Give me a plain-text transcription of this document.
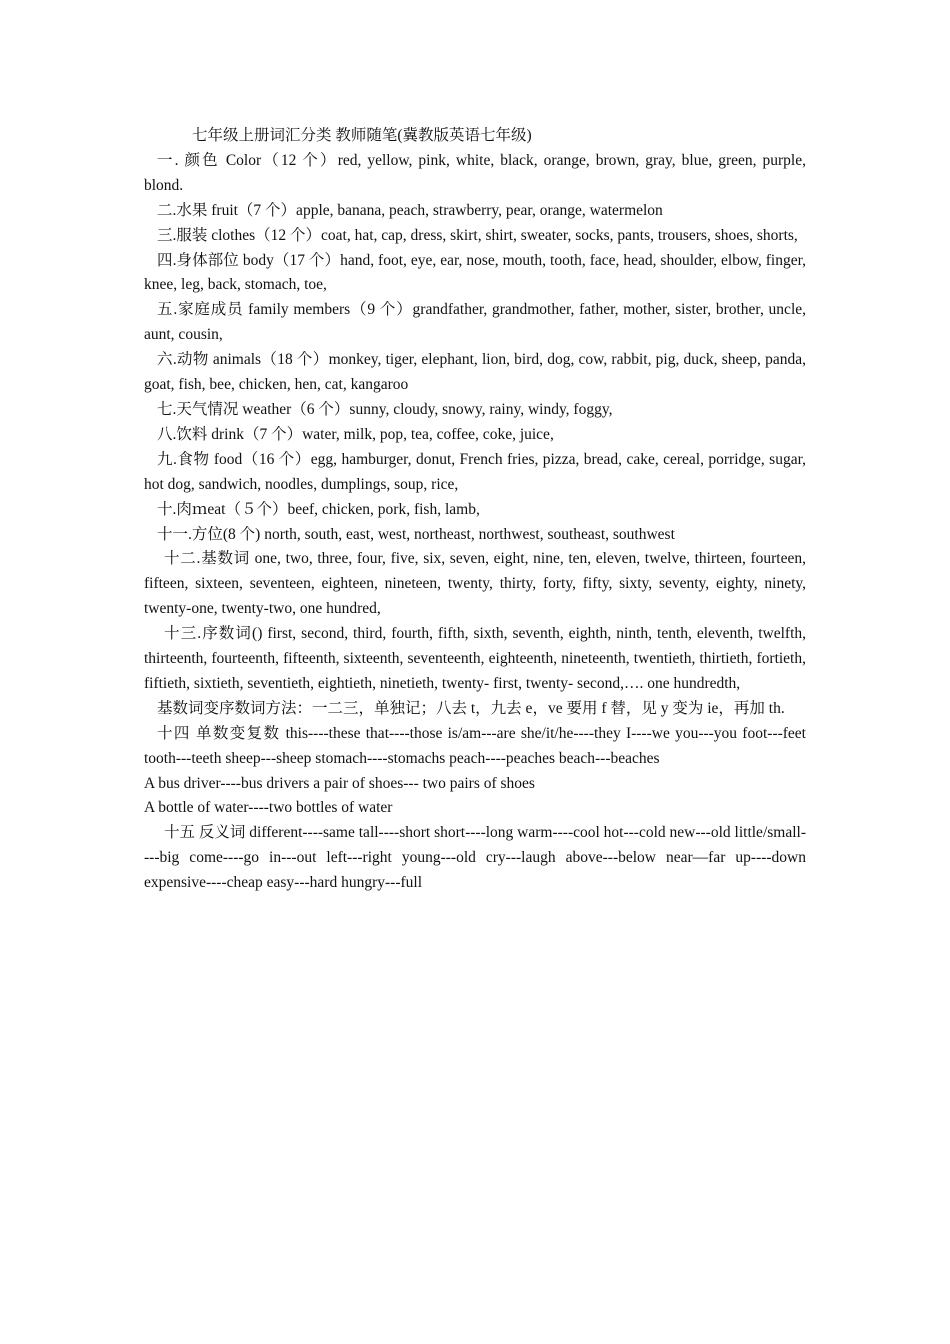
七年级上册词汇分类 教师随笔(冀教版英语七年级)
一. 颜色 Color（12 个）red, yellow, pink, white, black, orange, brown, gray, blue, green, purple, blond.
二.水果 fruit（7 个）apple, banana, peach, strawberry, pear, orange, watermelon
三.服装 clothes（12 个）coat, hat, cap, dress, skirt, shirt, sweater, socks, pants, trousers, shoes, shorts,
四.身体部位 body（17 个）hand, foot, eye, ear, nose, mouth, tooth, face, head, shoulder, elbow, finger, knee, leg, back, stomach, toe,
五.家庭成员 family members（9 个）grandfather, grandmother, father, mother, sister, brother, uncle, aunt, cousin,
六.动物 animals（18 个）monkey, tiger, elephant, lion, bird, dog, cow, rabbit, pig, duck, sheep, panda, goat, fish, bee, chicken, hen, cat, kangaroo
七.天气情况 weather（6 个）sunny, cloudy, snowy, rainy, windy, foggy,
八.饮料 drink（7 个）water, milk, pop, tea, coffee, coke, juice,
九.食物 food（16 个）egg, hamburger, donut, French fries, pizza, bread, cake, cereal, porridge, sugar, hot dog, sandwich, noodles, dumplings, soup, rice,
十.肉ｍeat（５个）beef, chicken, pork, fish, lamb,
十一.方位(8 个) north, south, east, west, northeast, northwest, southeast, southwest
十二.基数词 one, two, three, four, five, six, seven, eight, nine, ten, eleven, twelve, thirteen, fourteen, fifteen, sixteen, seventeen, eighteen, nineteen, twenty, thirty, forty, fifty, sixty, seventy, eighty, ninety, twenty-one, twenty-two, one hundred,
十三.序数词() first, second, third, fourth, fifth, sixth, seventh, eighth, ninth, tenth, eleventh, twelfth, thirteenth, fourteenth, fifteenth, sixteenth, seventeenth, eighteenth, nineteenth, twentieth, thirtieth, fortieth, fiftieth, sixtieth, seventieth, eightieth, ninetieth, twenty- first, twenty- second,…. one hundredth,
基数词变序数词方法：一二三，单独记；八去 t，九去 e，ve 要用 f 替，见 y 变为 ie，再加 th.
十四 单数变复数 this----these that----those is/am---are she/it/he----they I----we you---you foot---feet tooth---teeth sheep---sheep stomach----stomachs peach----peaches beach---beaches
A bus driver----bus drivers a pair of shoes--- two pairs of shoes
A bottle of water----two bottles of water
十五 反义词 different----same tall----short short----long warm----cool hot---cold new---old little/small----big come----go in---out left---right young---old cry---laugh above---below near—far up----down expensive----cheap easy---hard hungry---full
